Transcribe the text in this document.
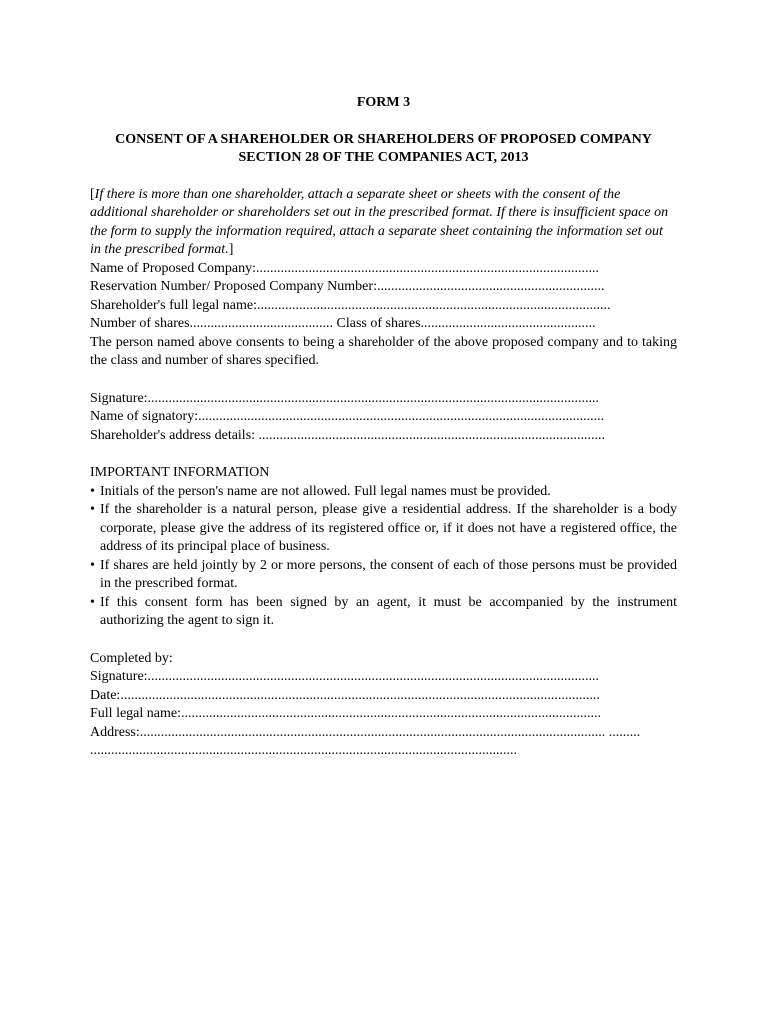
FORM 3

CONSENT OF A SHAREHOLDER OR SHAREHOLDERS OF PROPOSED COMPANY
SECTION 28 OF THE COMPANIES ACT, 2013

[If there is more than one shareholder, attach a separate sheet or sheets with the consent of the additional shareholder or shareholders set out in the prescribed format. If there is insufficient space on the form to supply the information required, attach a separate sheet containing the information set out in the prescribed format.]

Name of Proposed Company:..................................................................................................

Reservation Number/ Proposed Company Number:.................................................................

Shareholder's full legal name:.....................................................................................................

Number of shares......................................... Class of shares..................................................

The person named above consents to being a shareholder of the above proposed company and to taking the class and number of shares specified.

Signature:.................................................................................................................................

Name of signatory:....................................................................................................................

Shareholder's address details: ...................................................................................................

IMPORTANT INFORMATION

• Initials of the person's name are not allowed. Full legal names must be provided.
• If the shareholder is a natural person, please give a residential address. If the shareholder is a body corporate, please give the address of its registered office or, if it does not have a registered office, the address of its principal place of business.
• If shares are held jointly by 2 or more persons, the consent of each of those persons must be provided in the prescribed format.
• If this consent form has been signed by an agent, it must be accompanied by the instrument authorizing the agent to sign it.

Completed by:

Signature:.................................................................................................................................

Date:.........................................................................................................................................

Full legal name:........................................................................................................................

Address:..................................................................................................................................... .........

..........................................................................................................................
